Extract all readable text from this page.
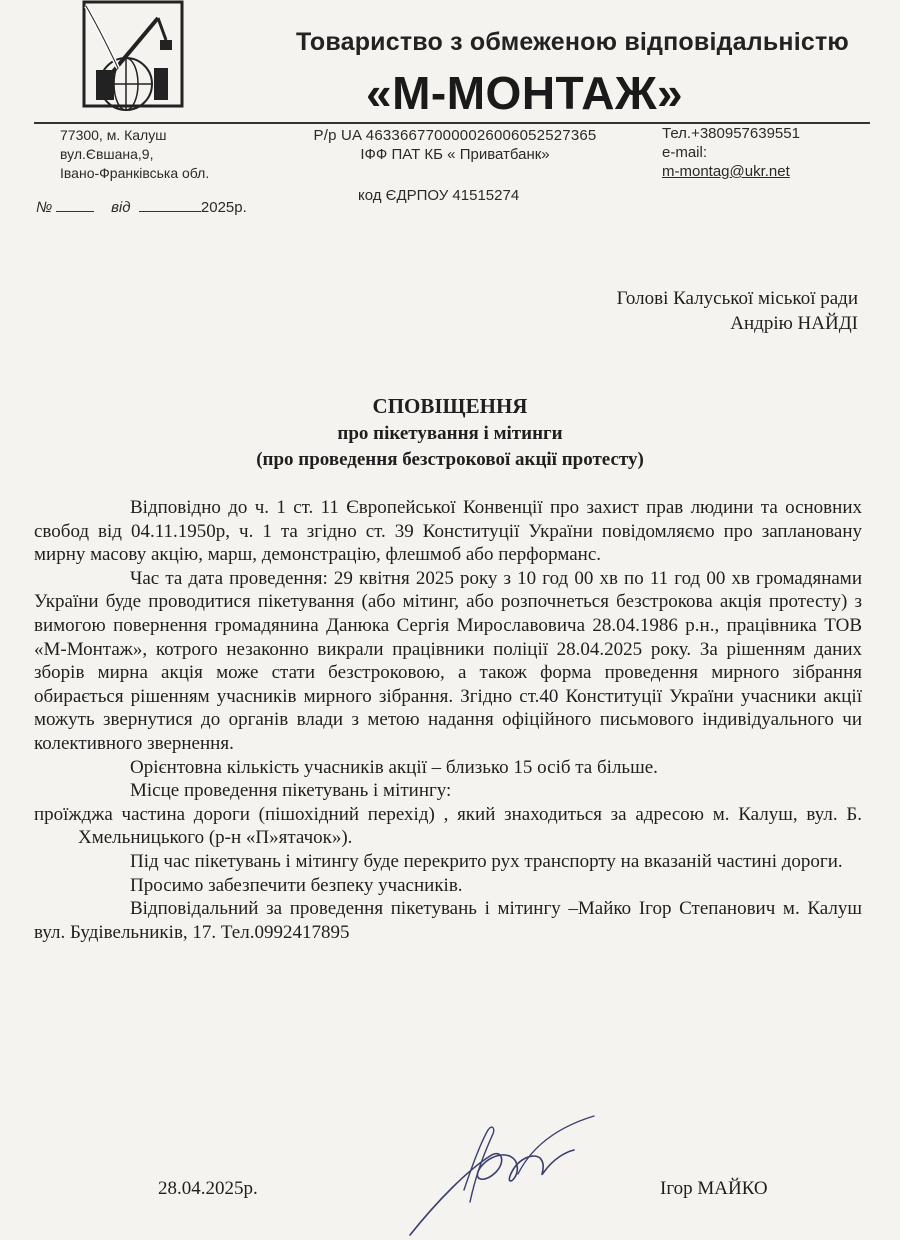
Товариство з обмеженою відповідальністю
«М-МОНТАЖ»
77300, м. Калуш
вул.Євшана,9,
Івано-Франківська обл.
Р/р UA 463366770000026006052527365
ІФФ ПАТ КБ « Приватбанк»
код ЄДРПОУ 41515274
Тел.+380957639551
e-mail:
m-montag@ukr.net
№	від	2025р.
Голові Калуської міської ради
Андрію НАЙДІ
СПОВІЩЕННЯ
про пікетування і мітинги
(про проведення безстрокової акції протесту)

Відповідно до ч. 1 ст. 11 Європейської Конвенції про захист прав людини та основних свобод від 04.11.1950р, ч. 1 та згідно ст. 39 Конституції України повідомляємо про заплановану мирну масову акцію, марш, демонстрацію, флешмоб або перформанс.

Час та дата проведення: 29 квітня 2025 року з 10 год 00 хв по 11 год 00 хв громадянами України буде проводитися пікетування (або мітинг, або розпочнеться безстрокова акція протесту) з вимогою повернення громадянина Данюка Сергія Мирославовича 28.04.1986 р.н., працівника ТОВ «М-Монтаж», котрого незаконно викрали працівники поліції 28.04.2025 року. За рішенням даних зборів мирна акція може стати безстроковою, а також форма проведення мирного зібрання обирається рішенням учасників мирного зібрання. Згідно ст.40 Конституції України учасники акції можуть звернутися до органів влади з метою надання офіційного письмового індивідуального чи колективного звернення.

Орієнтовна кількість учасників акції – близько 15 осіб та більше.

Місце проведення пікетувань і мітингу:

проїжджа частина дороги (пішохідний перехід) , який знаходиться за адресою м. Калуш, вул. Б. Хмельницького (р-н «П»ятачок»).

Під час пікетувань і мітингу буде перекрито рух транспорту на вказаній частині дороги.

Просимо забезпечити безпеку учасників.

Відповідальний за проведення пікетувань і мітингу –Майко Ігор Степанович м. Калуш вул. Будівельників, 17. Тел.0992417895

28.04.2025р.	Ігор МАЙКО
